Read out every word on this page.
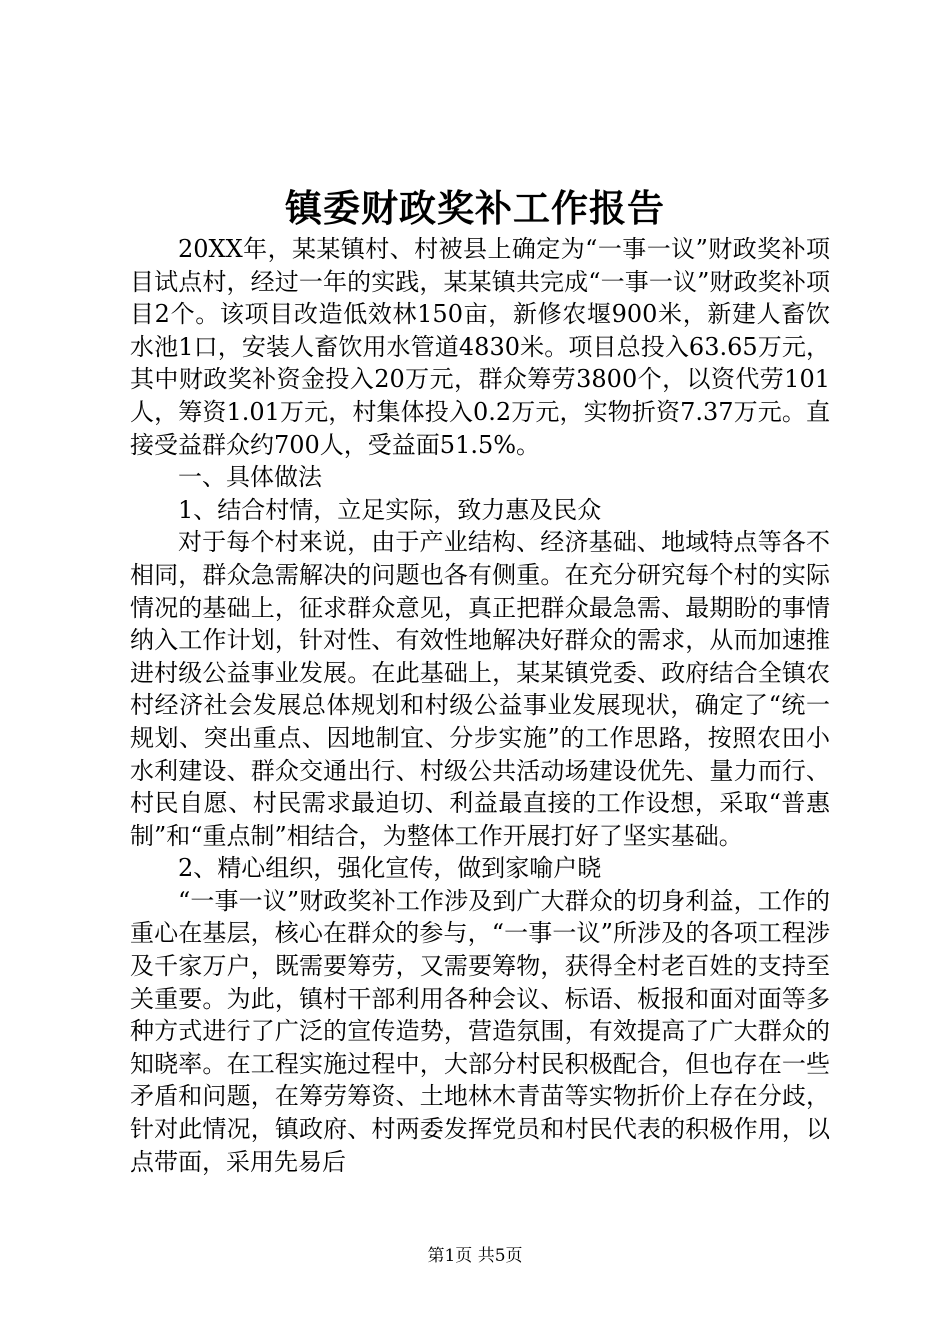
镇委财政奖补工作报告

20XX年，某某镇村、村被县上确定为“一事一议”财政奖补项目试点村，经过一年的实践，某某镇共完成“一事一议”财政奖补项目2个。该项目改造低效林150亩，新修农堰900米，新建人畜饮水池1口，安装人畜饮用水管道4830米。项目总投入63.65万元，其中财政奖补资金投入20万元，群众筹劳3800个，以资代劳101人，筹资1.01万元，村集体投入0.2万元，实物折资7.37万元。直接受益群众约700人，受益面51.5%。

一、具体做法

1、结合村情，立足实际，致力惠及民众

对于每个村来说，由于产业结构、经济基础、地域特点等各不相同，群众急需解决的问题也各有侧重。在充分研究每个村的实际情况的基础上，征求群众意见，真正把群众最急需、最期盼的事情纳入工作计划，针对性、有效性地解决好群众的需求，从而加速推进村级公益事业发展。在此基础上，某某镇党委、政府结合全镇农村经济社会发展总体规划和村级公益事业发展现状，确定了“统一规划、突出重点、因地制宜、分步实施”的工作思路，按照农田小水利建设、群众交通出行、村级公共活动场建设优先、量力而行、村民自愿、村民需求最迫切、利益最直接的工作设想，采取“普惠制”和“重点制”相结合，为整体工作开展打好了坚实基础。

2、精心组织，强化宣传，做到家喻户晓

“一事一议”财政奖补工作涉及到广大群众的切身利益，工作的重心在基层，核心在群众的参与，“一事一议”所涉及的各项工程涉及千家万户，既需要筹劳，又需要筹物，获得全村老百姓的支持至关重要。为此，镇村干部利用各种会议、标语、板报和面对面等多种方式进行了广泛的宣传造势，营造氛围，有效提高了广大群众的知晓率。在工程实施过程中，大部分村民积极配合，但也存在一些矛盾和问题，在筹劳筹资、土地林木青苗等实物折价上存在分歧，针对此情况，镇政府、村两委发挥党员和村民代表的积极作用，以点带面，采用先易后

第1页 共5页
